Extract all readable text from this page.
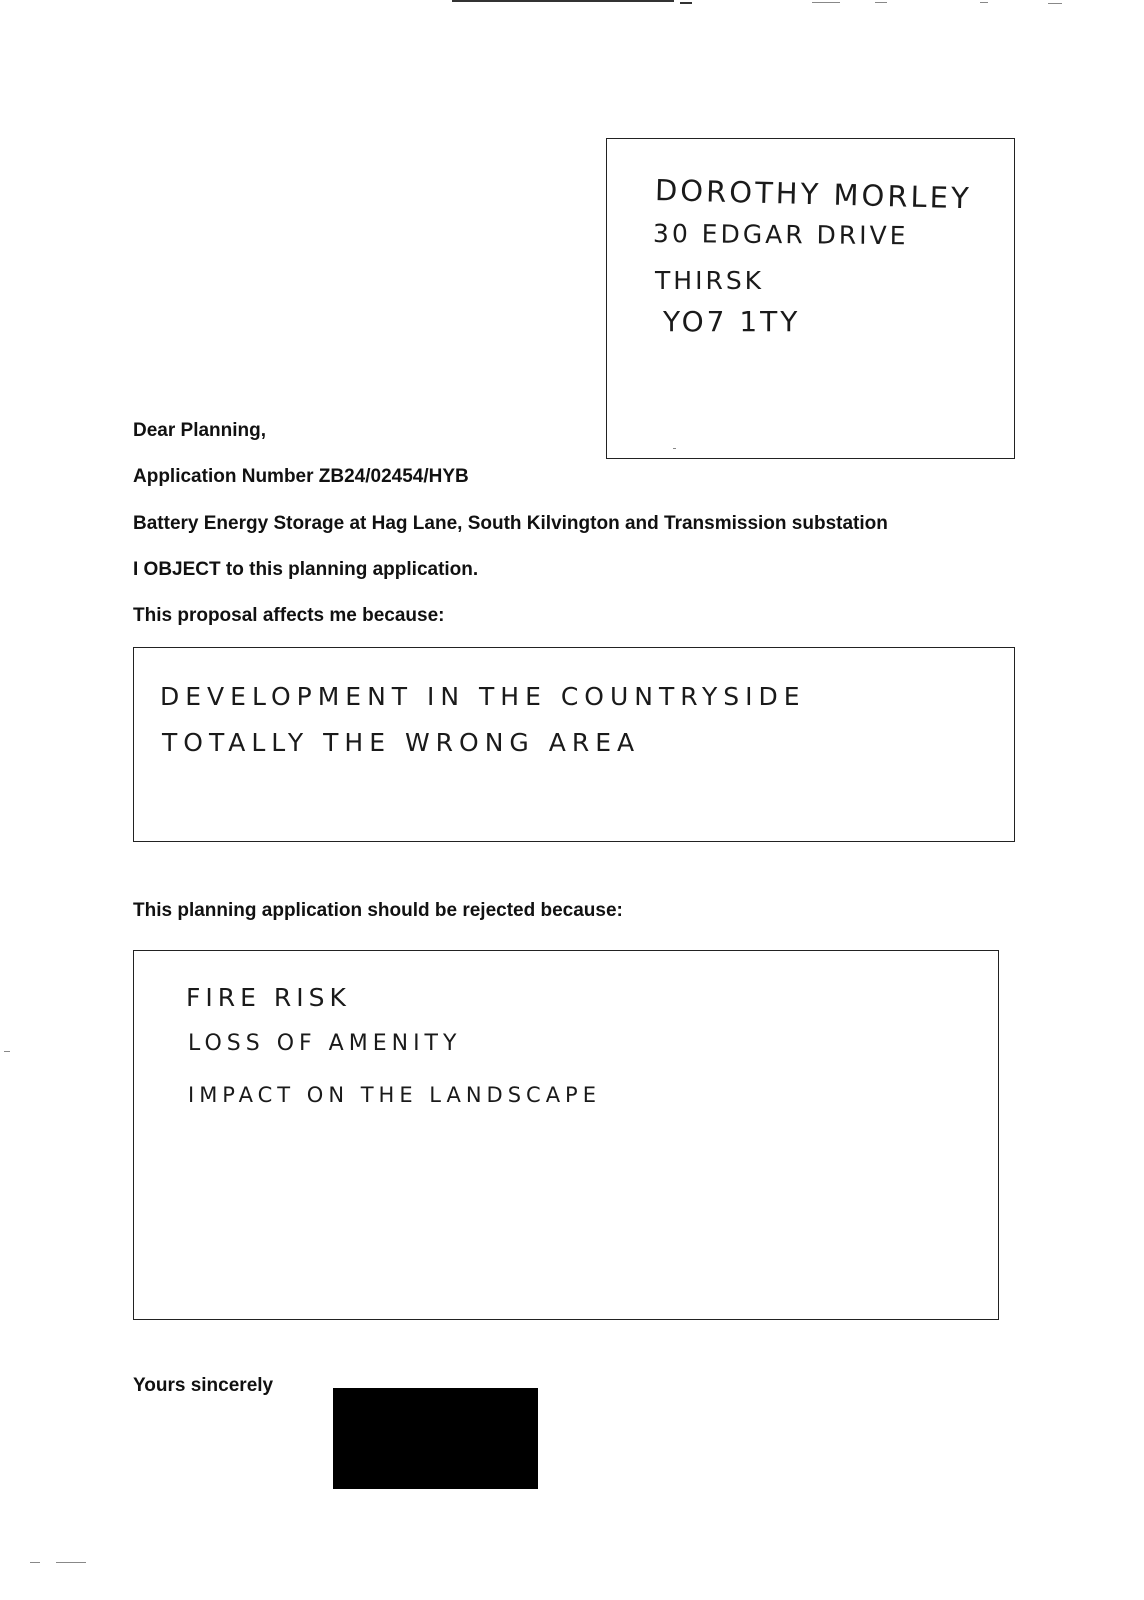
DOROTHY MORLEY
30 EDGAR DRIVE
THIRSK
YO7 1TY
Dear Planning,
Application Number ZB24/02454/HYB
Battery Energy Storage at Hag Lane, South Kilvington and Transmission substation
I OBJECT to this planning application.
This proposal affects me because:
DEVELOPMENT IN THE COUNTRYSIDE
TOTALLY THE WRONG AREA
This planning application should be rejected because:
FIRE RISK
LOSS OF AMENITY
IMPACT ON THE LANDSCAPE
Yours sincerely
